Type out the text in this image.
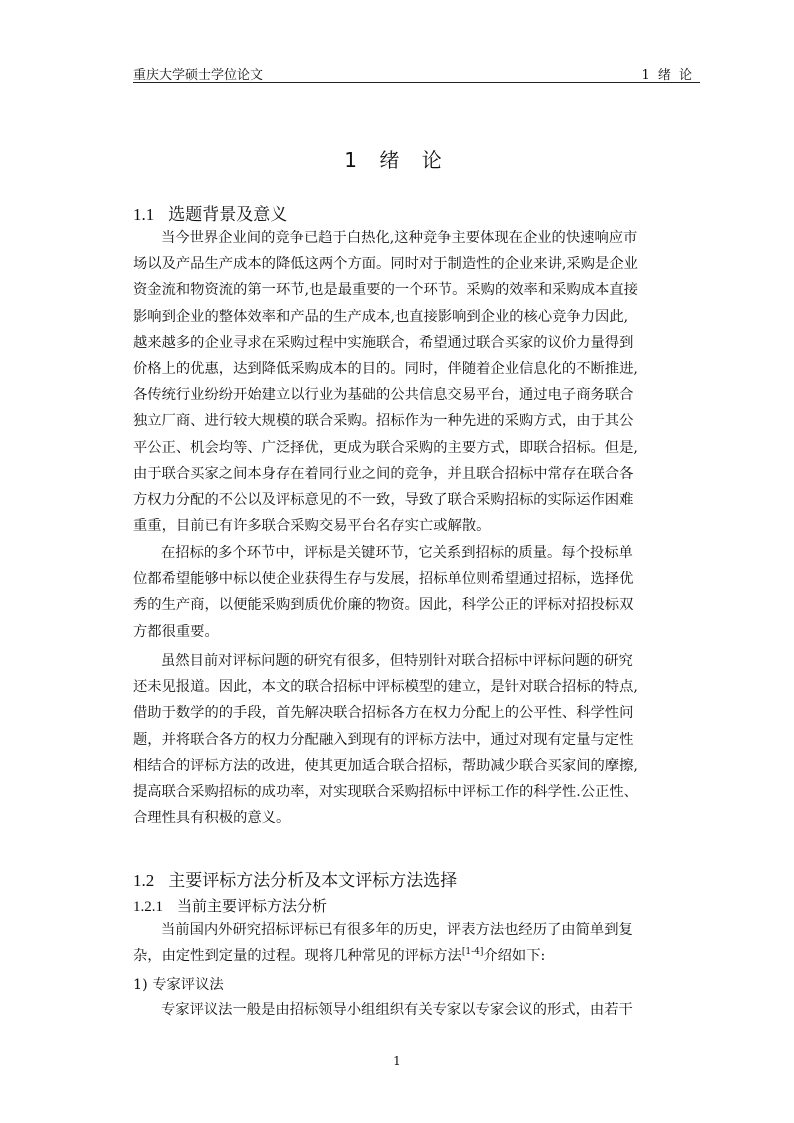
重庆大学硕士学位论文	1 绪 论
1 绪 论
1.1 选题背景及意义
当今世界企业间的竞争已趋于白热化,这种竞争主要体现在企业的快速响应市
场以及产品生产成本的降低这两个方面。同时对于制造性的企业来讲,采购是企业
资金流和物资流的第一环节,也是最重要的一个环节。采购的效率和采购成本直接
影响到企业的整体效率和产品的生产成本,也直接影响到企业的核心竞争力因此,
越来越多的企业寻求在采购过程中实施联合，希望通过联合买家的议价力量得到
价格上的优惠，达到降低采购成本的目的。同时，伴随着企业信息化的不断推进,
各传统行业纷纷开始建立以行业为基础的公共信息交易平台，通过电子商务联合
独立厂商、进行较大规模的联合采购。招标作为一种先进的采购方式，由于其公
平公正、机会均等、广泛择优，更成为联合采购的主要方式，即联合招标。但是,
由于联合买家之间本身存在着同行业之间的竞争，并且联合招标中常存在联合各
方权力分配的不公以及评标意见的不一致，导致了联合采购招标的实际运作困难
重重，目前已有许多联合采购交易平台名存实亡或解散。
在招标的多个环节中，评标是关键环节，它关系到招标的质量。每个投标单
位都希望能够中标以使企业获得生存与发展，招标单位则希望通过招标，选择优
秀的生产商，以便能采购到质优价廉的物资。因此，科学公正的评标对招投标双
方都很重要。
虽然目前对评标问题的研究有很多，但特别针对联合招标中评标问题的研究
还未见报道。因此，本文的联合招标中评标模型的建立，是针对联合招标的特点,
借助于数学的的手段，首先解决联合招标各方在权力分配上的公平性、科学性问
题，并将联合各方的权力分配融入到现有的评标方法中，通过对现有定量与定性
相结合的评标方法的改进，使其更加适合联合招标，帮助减少联合买家间的摩擦,
提高联合采购招标的成功率，对实现联合采购招标中评标工作的科学性.公正性、
合理性具有积极的意义。
1.2 主要评标方法分析及本文评标方法选择
1.2.1 当前主要评标方法分析
当前国内外研究招标评标已有很多年的历史，评表方法也经历了由简单到复
杂，由定性到定量的过程。现将几种常见的评标方法[1-4]介绍如下:
1) 专家评议法
专家评议法一般是由招标领导小组组织有关专家以专家会议的形式，由若干
1
